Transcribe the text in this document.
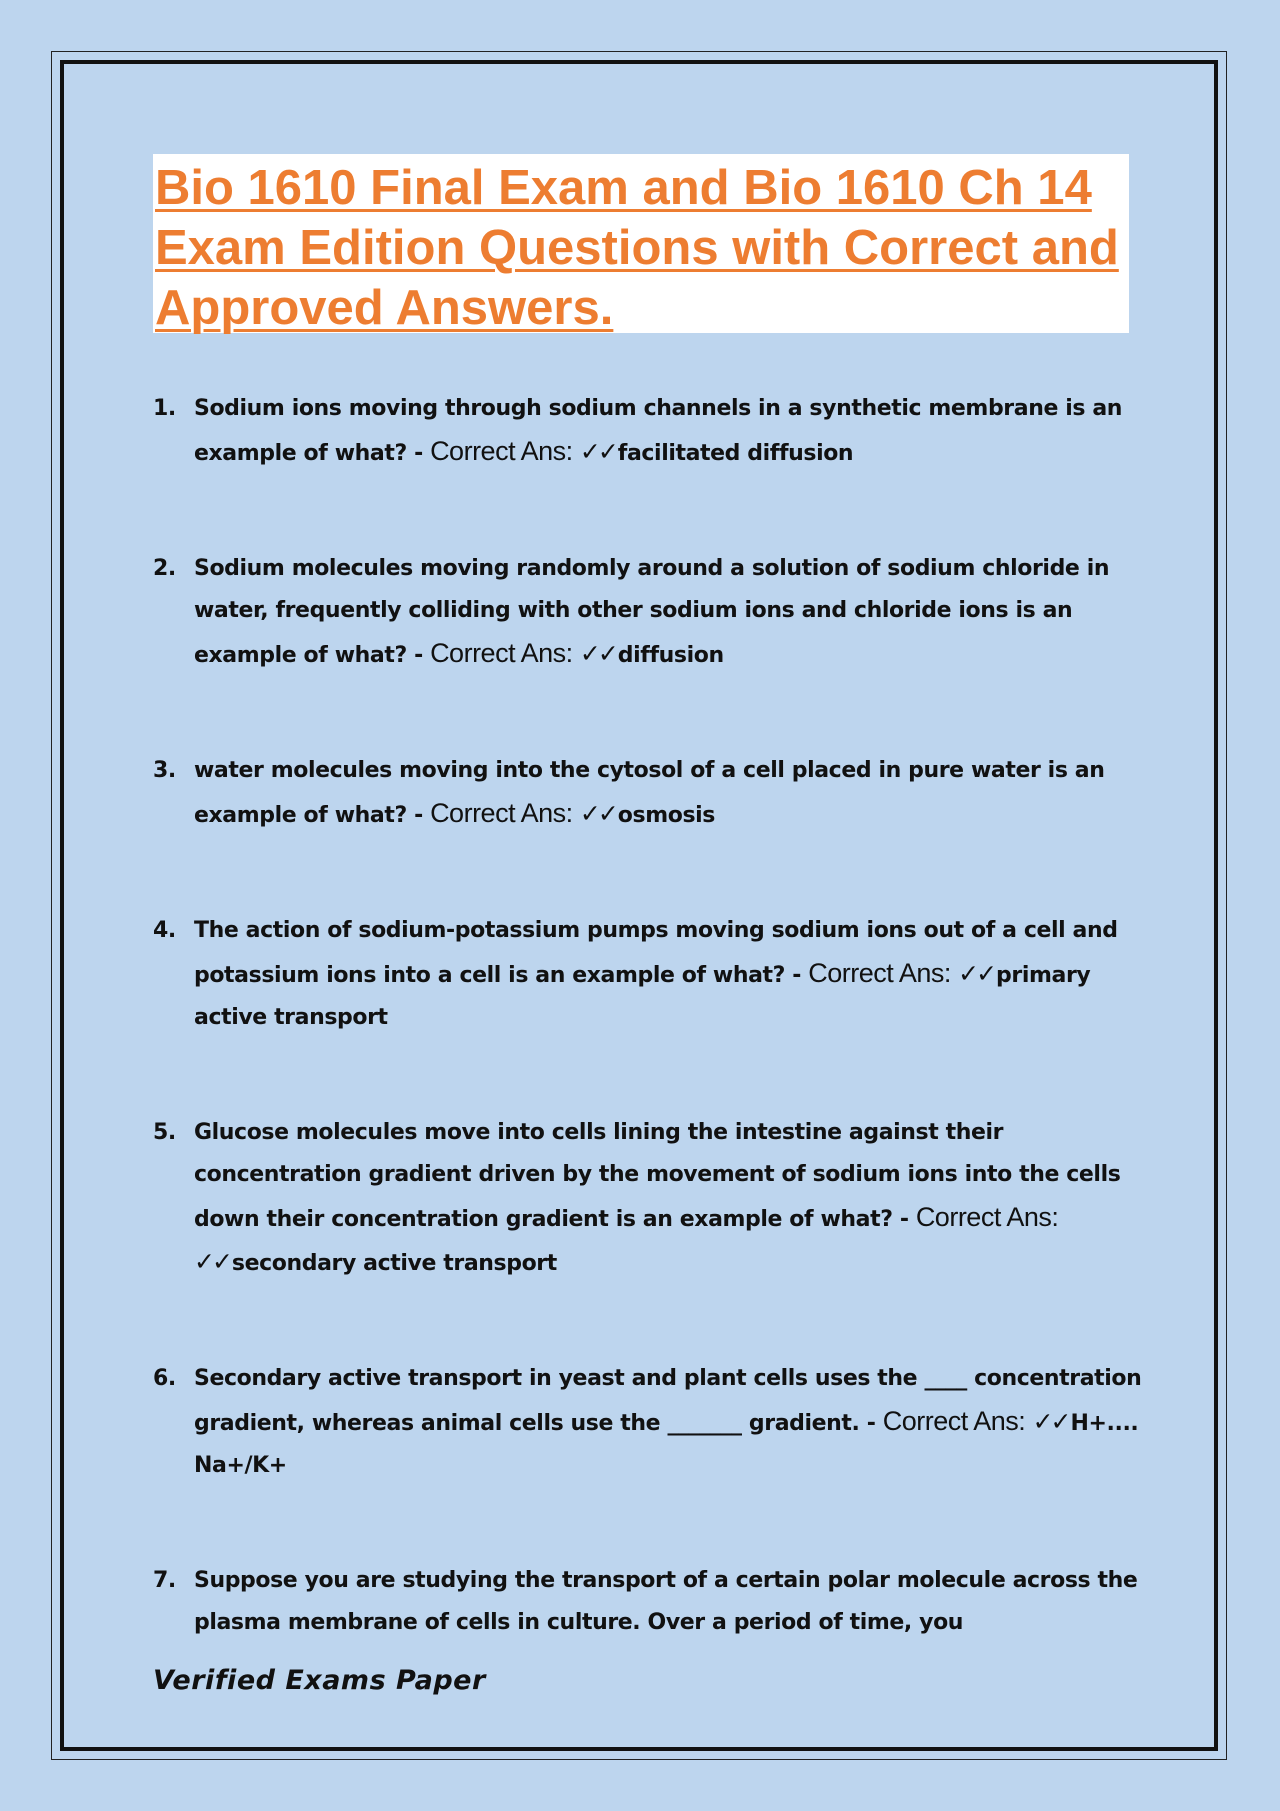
Bio 1610 Final Exam and Bio 1610 Ch 14 Exam Edition Questions with Correct and Approved Answers.
1. Sodium ions moving through sodium channels in a synthetic membrane is an example of what? - Correct Ans: ✓✓facilitated diffusion
2. Sodium molecules moving randomly around a solution of sodium chloride in water, frequently colliding with other sodium ions and chloride ions is an example of what? - Correct Ans: ✓✓diffusion
3. water molecules moving into the cytosol of a cell placed in pure water is an example of what? - Correct Ans: ✓✓osmosis
4. The action of sodium-potassium pumps moving sodium ions out of a cell and potassium ions into a cell is an example of what? - Correct Ans: ✓✓primary active transport
5. Glucose molecules move into cells lining the intestine against their concentration gradient driven by the movement of sodium ions into the cells down their concentration gradient is an example of what? - Correct Ans: ✓✓secondary active transport
6. Secondary active transport in yeast and plant cells uses the ____ concentration gradient, whereas animal cells use the _______ gradient. - Correct Ans: ✓✓H+.... Na+/K+
7. Suppose you are studying the transport of a certain polar molecule across the plasma membrane of cells in culture. Over a period of time, you
Verified Exams Paper
